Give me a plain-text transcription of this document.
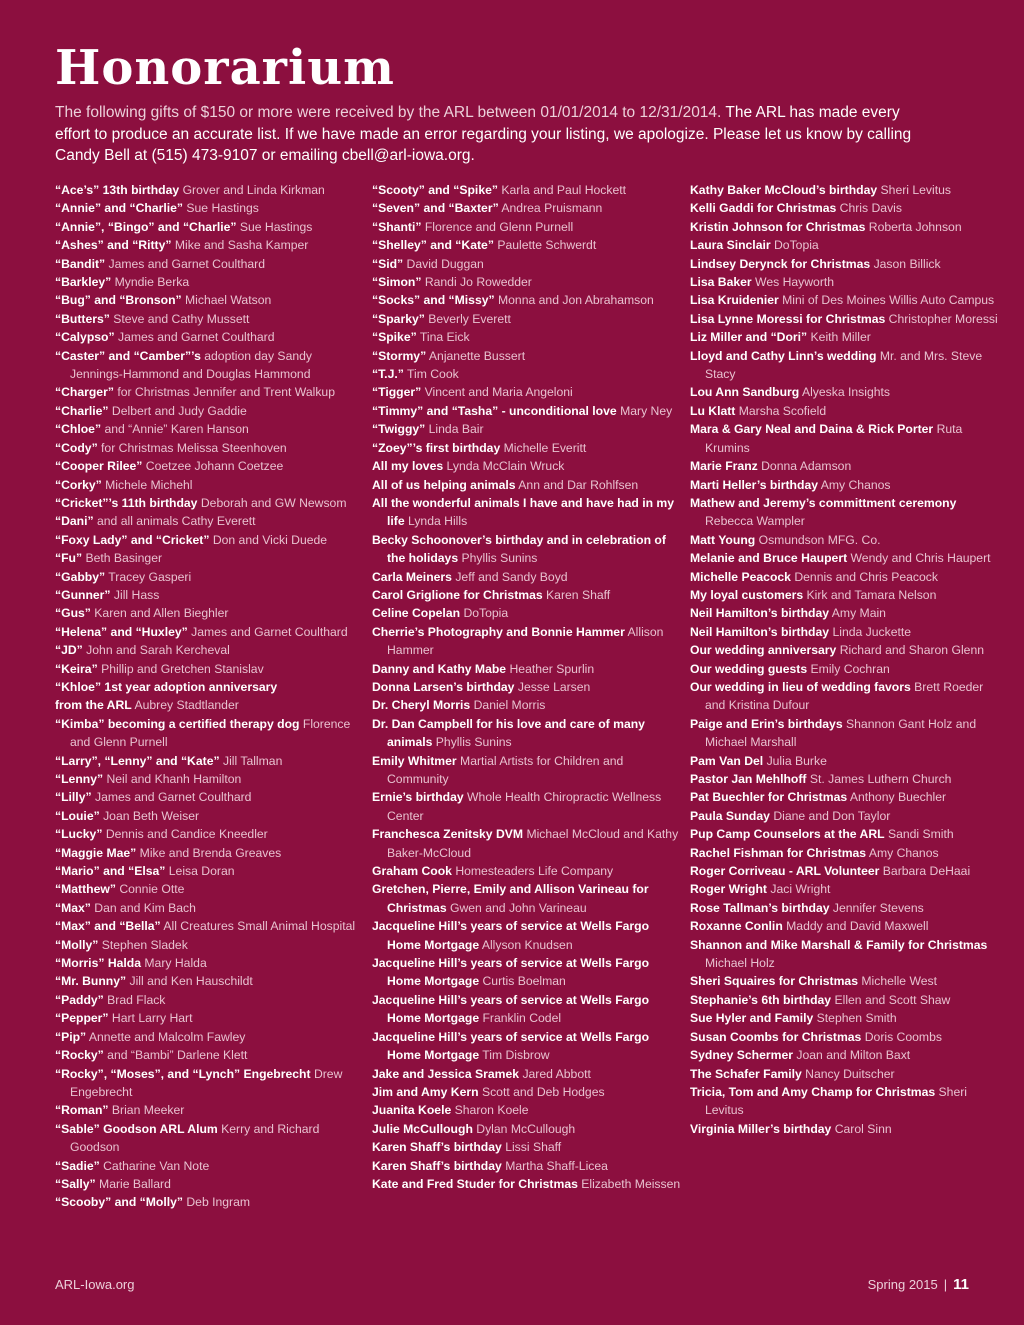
Honorarium

The following gifts of $150 or more were received by the ARL between 01/01/2014 to 12/31/2014. The ARL has made every effort to produce an accurate list. If we have made an error regarding your listing, we apologize. Please let us know by calling Candy Bell at (515) 473-9107 or emailing cbell@arl-iowa.org.

“Ace’s” 13th birthday Grover and Linda Kirkman
“Annie” and “Charlie” Sue Hastings
“Annie”, “Bingo” and “Charlie” Sue Hastings
“Ashes” and “Ritty” Mike and Sasha Kamper
“Bandit” James and Garnet Coulthard
“Barkley” Myndie Berka
“Bug” and “Bronson” Michael Watson
“Butters” Steve and Cathy Mussett
“Calypso” James and Garnet Coulthard
“Caster” and “Camber”’s adoption day Sandy Jennings-Hammond and Douglas Hammond
“Charger” for Christmas Jennifer and Trent Walkup
“Charlie” Delbert and Judy Gaddie
“Chloe” and “Annie” Karen Hanson
“Cody” for Christmas Melissa Steenhoven
“Cooper Rilee” Coetzee Johann Coetzee
“Corky” Michele Michehl
“Cricket”’s 11th birthday Deborah and GW Newsom
“Dani” and all animals Cathy Everett
“Foxy Lady” and “Cricket” Don and Vicki Duede
“Fu” Beth Basinger
“Gabby” Tracey Gasperi
“Gunner” Jill Hass
“Gus” Karen and Allen Bieghler
“Helena” and “Huxley” James and Garnet Coulthard
“JD” John and Sarah Kercheval
“Keira” Phillip and Gretchen Stanislav
“Khloe” 1st year adoption anniversary
from the ARL Aubrey Stadtlander
“Kimba” becoming a certified therapy dog Florence and Glenn Purnell
“Larry”, “Lenny” and “Kate” Jill Tallman
“Lenny” Neil and Khanh Hamilton
“Lilly” James and Garnet Coulthard
“Louie” Joan Beth Weiser
“Lucky” Dennis and Candice Kneedler
“Maggie Mae” Mike and Brenda Greaves
“Mario” and “Elsa” Leisa Doran
“Matthew” Connie Otte
“Max” Dan and Kim Bach
“Max” and “Bella” All Creatures Small Animal Hospital
“Molly” Stephen Sladek
“Morris” Halda Mary Halda
“Mr. Bunny” Jill and Ken Hauschildt
“Paddy” Brad Flack
“Pepper” Hart Larry Hart
“Pip” Annette and Malcolm Fawley
“Rocky” and “Bambi” Darlene Klett
“Rocky”, “Moses”, and “Lynch” Engebrecht Drew Engebrecht
“Roman” Brian Meeker
“Sable” Goodson ARL Alum Kerry and Richard Goodson
“Sadie” Catharine Van Note
“Sally” Marie Ballard
“Scooby” and “Molly” Deb Ingram
“Scooty” and “Spike” Karla and Paul Hockett
“Seven” and “Baxter” Andrea Pruismann
“Shanti” Florence and Glenn Purnell
“Shelley” and “Kate” Paulette Schwerdt
“Sid” David Duggan
“Simon” Randi Jo Rowedder
“Socks” and “Missy” Monna and Jon Abrahamson
“Sparky” Beverly Everett
“Spike” Tina Eick
“Stormy” Anjanette Bussert
“T.J.” Tim Cook
“Tigger” Vincent and Maria Angeloni
“Timmy” and “Tasha” - unconditional love Mary Ney
“Twiggy” Linda Bair
“Zoey”’s first birthday Michelle Everitt
All my loves Lynda McClain Wruck
All of us helping animals Ann and Dar Rohlfsen
All the wonderful animals I have and have had in my life Lynda Hills
Becky Schoonover’s birthday and in celebration of the holidays Phyllis Sunins
Carla Meiners Jeff and Sandy Boyd
Carol Griglione for Christmas Karen Shaff
Celine Copelan DoTopia
Cherrie’s Photography and Bonnie Hammer Allison Hammer
Danny and Kathy Mabe Heather Spurlin
Donna Larsen’s birthday Jesse Larsen
Dr. Cheryl Morris Daniel Morris
Dr. Dan Campbell for his love and care of many animals Phyllis Sunins
Emily Whitmer Martial Artists for Children and Community
Ernie’s birthday Whole Health Chiropractic Wellness Center
Franchesca Zenitsky DVM Michael McCloud and Kathy Baker-McCloud
Graham Cook Homesteaders Life Company
Gretchen, Pierre, Emily and Allison Varineau for Christmas Gwen and John Varineau
Jacqueline Hill’s years of service at Wells Fargo Home Mortgage Allyson Knudsen
Jacqueline Hill’s years of service at Wells Fargo Home Mortgage Curtis Boelman
Jacqueline Hill’s years of service at Wells Fargo Home Mortgage Franklin Codel
Jacqueline Hill’s years of service at Wells Fargo Home Mortgage Tim Disbrow
Jake and Jessica Sramek Jared Abbott
Jim and Amy Kern Scott and Deb Hodges
Juanita Koele Sharon Koele
Julie McCullough Dylan McCullough
Karen Shaff’s birthday Lissi Shaff
Karen Shaff’s birthday Martha Shaff-Licea
Kate and Fred Studer for Christmas Elizabeth Meissen
Kathy Baker McCloud’s birthday Sheri Levitus
Kelli Gaddi for Christmas Chris Davis
Kristin Johnson for Christmas Roberta Johnson
Laura Sinclair DoTopia
Lindsey Derynck for Christmas Jason Billick
Lisa Baker Wes Hayworth
Lisa Kruidenier Mini of Des Moines Willis Auto Campus
Lisa Lynne Moressi for Christmas Christopher Moressi
Liz Miller and “Dori” Keith Miller
Lloyd and Cathy Linn’s wedding Mr. and Mrs. Steve Stacy
Lou Ann Sandburg Alyeska Insights
Lu Klatt Marsha Scofield
Mara & Gary Neal and Daina & Rick Porter Ruta Krumins
Marie Franz Donna Adamson
Marti Heller’s birthday Amy Chanos
Mathew and Jeremy’s committment ceremony Rebecca Wampler
Matt Young Osmundson MFG. Co.
Melanie and Bruce Haupert Wendy and Chris Haupert
Michelle Peacock Dennis and Chris Peacock
My loyal customers Kirk and Tamara Nelson
Neil Hamilton’s birthday Amy Main
Neil Hamilton’s birthday Linda Juckette
Our wedding anniversary Richard and Sharon Glenn
Our wedding guests Emily Cochran
Our wedding in lieu of wedding favors Brett Roeder and Kristina Dufour
Paige and Erin’s birthdays Shannon Gant Holz and Michael Marshall
Pam Van Del Julia Burke
Pastor Jan Mehlhoff St. James Luthern Church
Pat Buechler for Christmas Anthony Buechler
Paula Sunday Diane and Don Taylor
Pup Camp Counselors at the ARL Sandi Smith
Rachel Fishman for Christmas Amy Chanos
Roger Corriveau - ARL Volunteer Barbara DeHaai
Roger Wright Jaci Wright
Rose Tallman’s birthday Jennifer Stevens
Roxanne Conlin Maddy and David Maxwell
Shannon and Mike Marshall & Family for Christmas Michael Holz
Sheri Squaires for Christmas Michelle West
Stephanie’s 6th birthday Ellen and Scott Shaw
Sue Hyler and Family Stephen Smith
Susan Coombs for Christmas Doris Coombs
Sydney Schermer Joan and Milton Baxt
The Schafer Family Nancy Duitscher
Tricia, Tom and Amy Champ for Christmas Sheri Levitus
Virginia Miller’s birthday Carol Sinn
ARL-Iowa.org	Spring 2015 | 11
